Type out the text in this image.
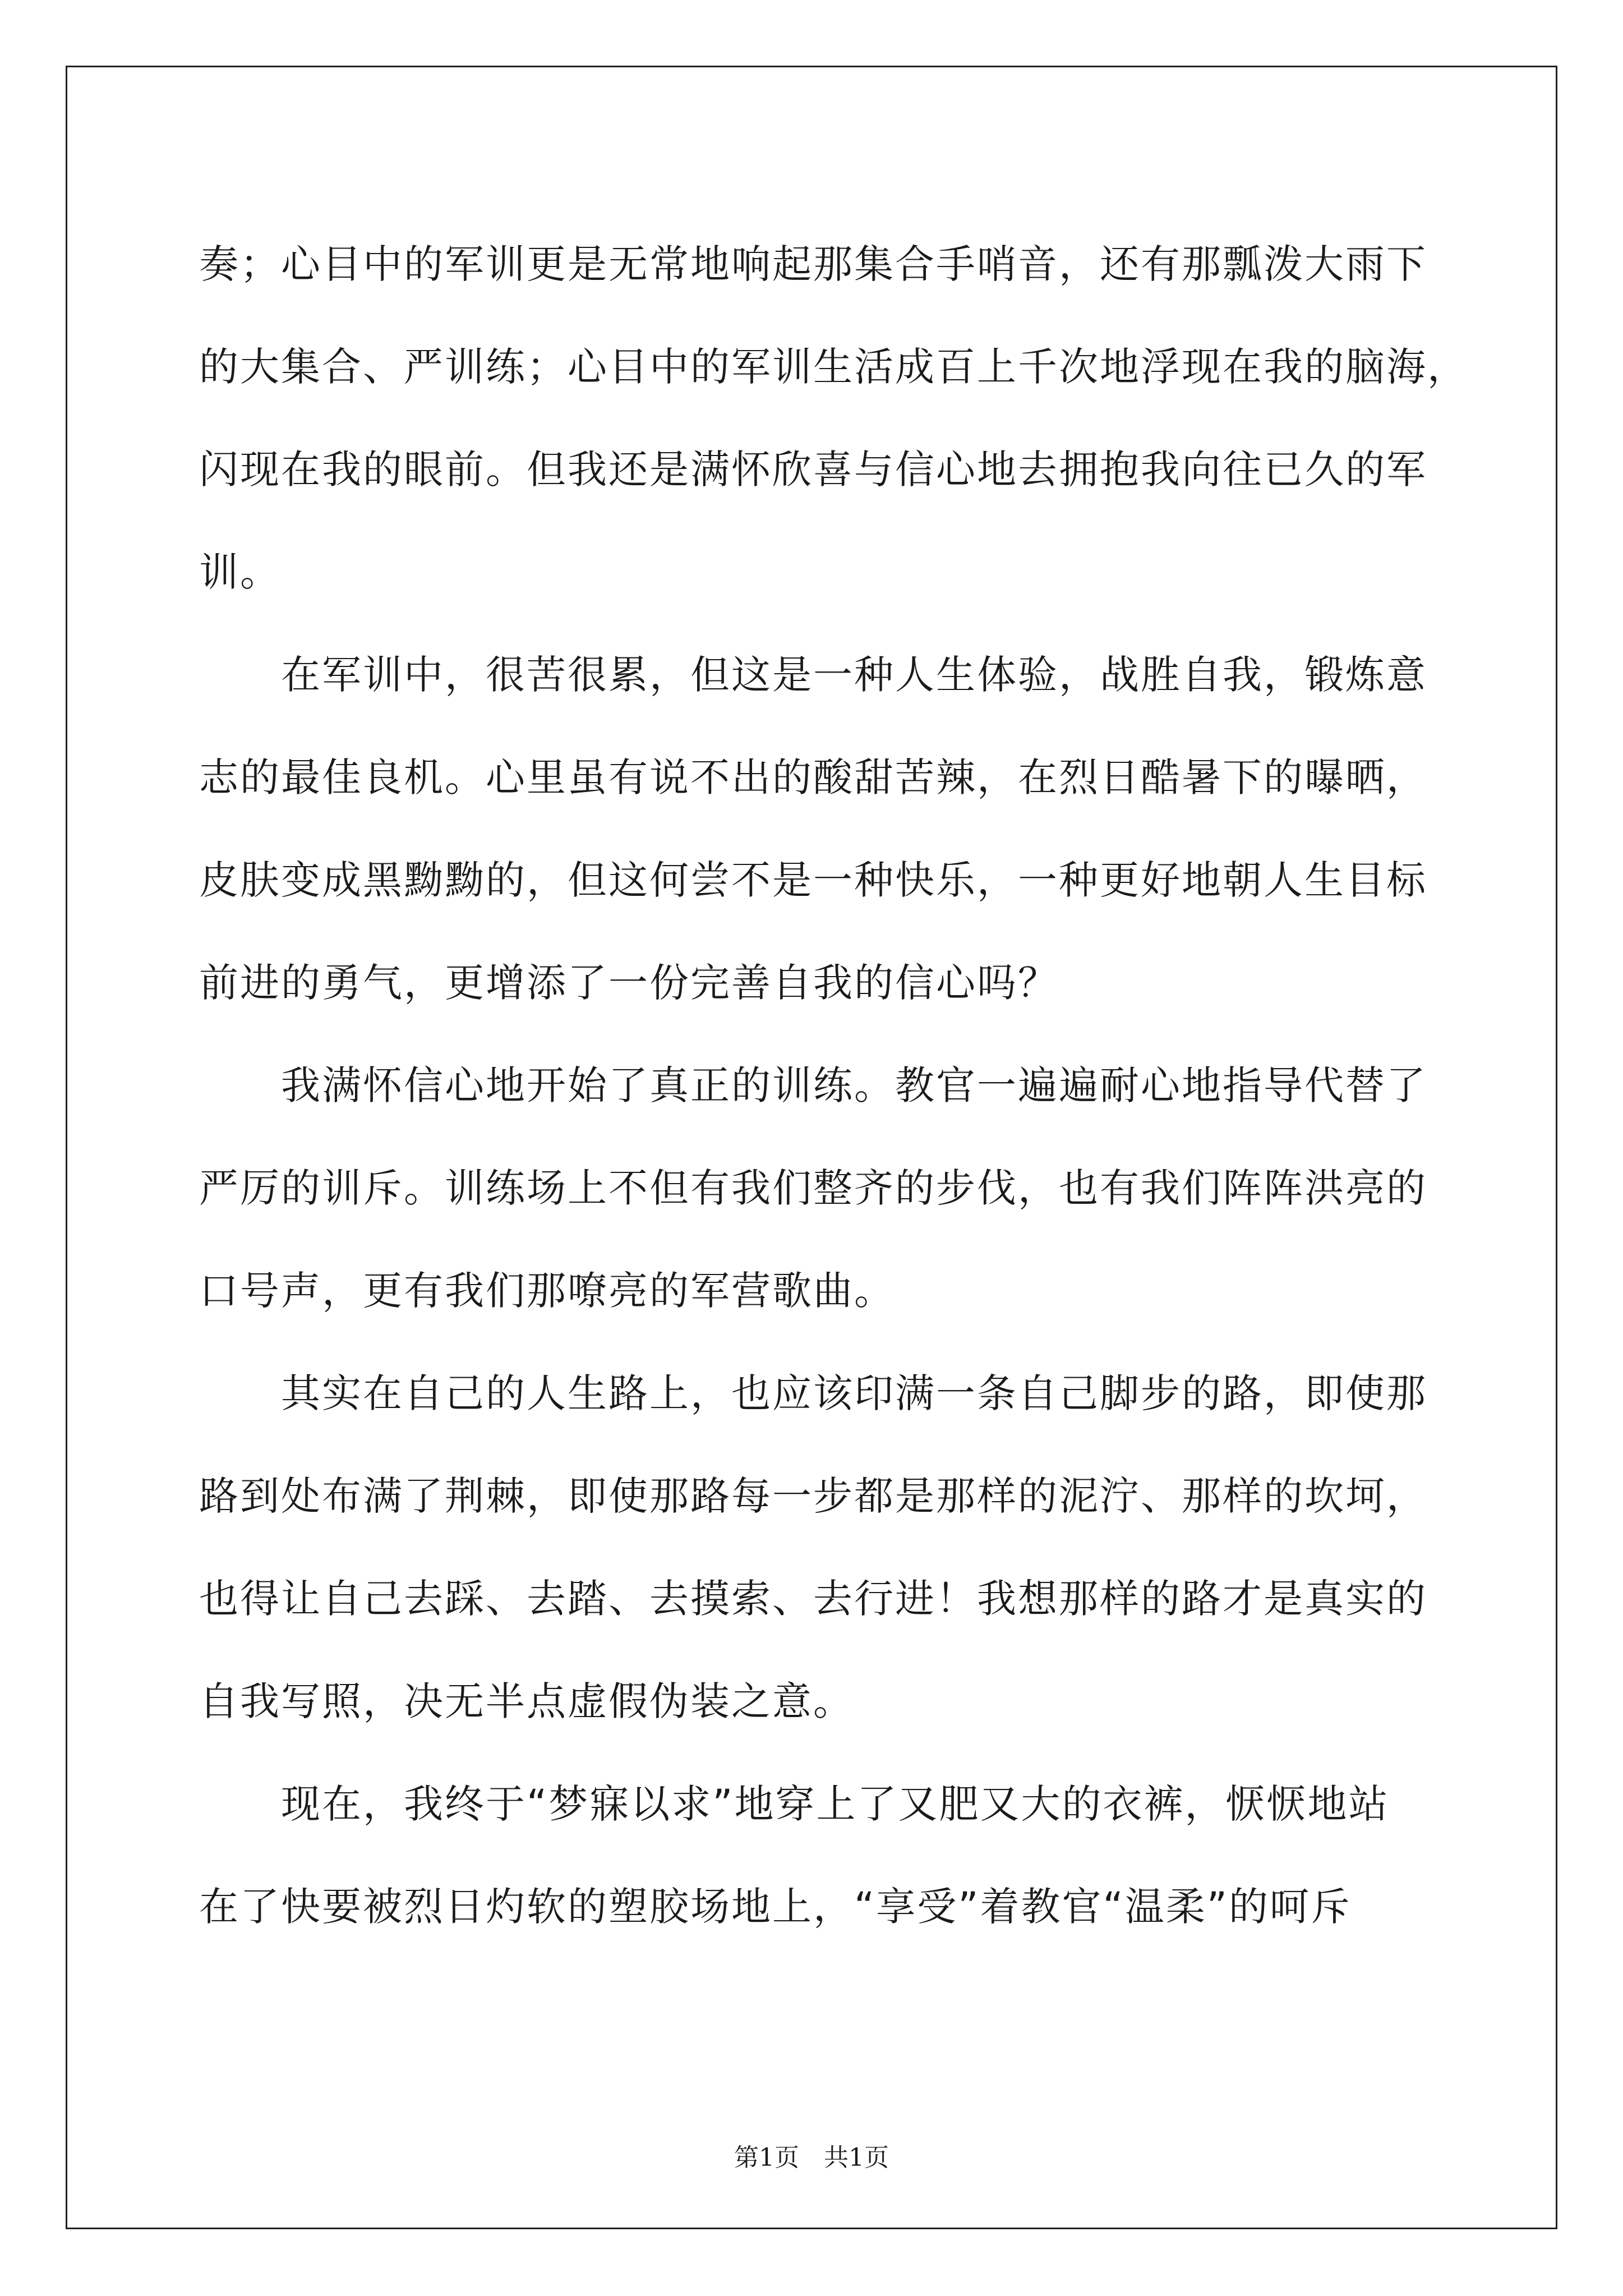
奏；心目中的军训更是无常地响起那集合手哨音，还有那瓢泼大雨下

的大集合、严训练；心目中的军训生活成百上千次地浮现在我的脑海，

闪现在我的眼前。但我还是满怀欣喜与信心地去拥抱我向往已久的军

训。

　　在军训中，很苦很累，但这是一种人生体验，战胜自我，锻炼意

志的最佳良机。心里虽有说不出的酸甜苦辣，在烈日酷暑下的曝晒，

皮肤变成黑黝黝的，但这何尝不是一种快乐，一种更好地朝人生目标

前进的勇气，更增添了一份完善自我的信心吗？

　　我满怀信心地开始了真正的训练。教官一遍遍耐心地指导代替了

严厉的训斥。训练场上不但有我们整齐的步伐，也有我们阵阵洪亮的

口号声，更有我们那嘹亮的军营歌曲。

　　其实在自己的人生路上，也应该印满一条自己脚步的路，即使那

路到处布满了荆棘，即使那路每一步都是那样的泥泞、那样的坎坷，

也得让自己去踩、去踏、去摸索、去行进！我想那样的路才是真实的

自我写照，决无半点虚假伪装之意。

　　现在，我终于“梦寐以求”地穿上了又肥又大的衣裤，恹恹地站

在了快要被烈日灼软的塑胶场地上，“享受”着教官“温柔”的呵斥

第1页 共1页
